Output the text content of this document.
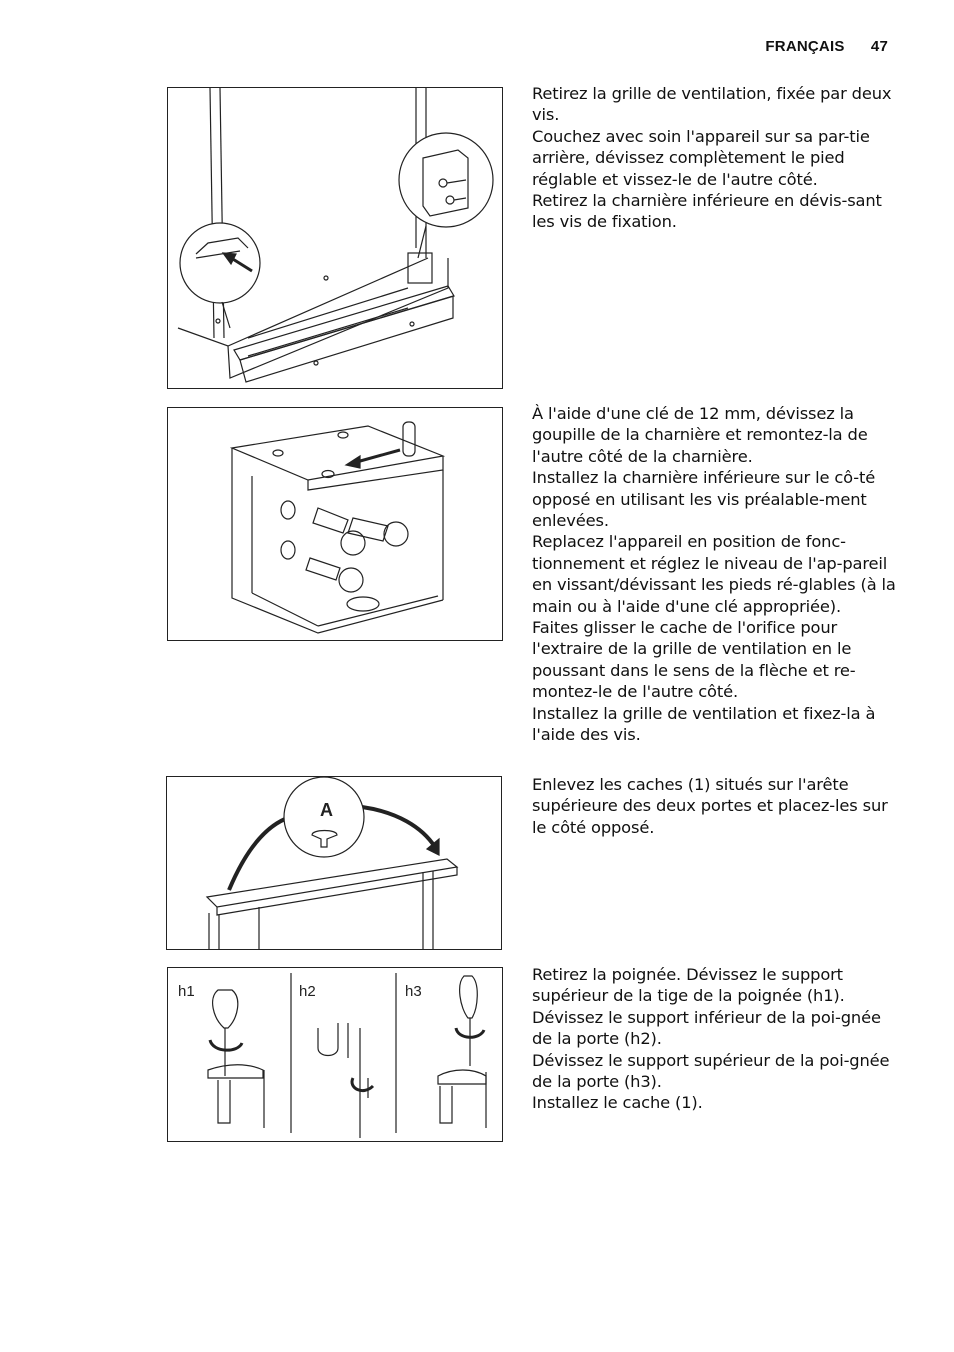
FRANÇAIS 47

Retirez la grille de ventilation, fixée par deux vis.

Couchez avec soin l'appareil sur sa par-tie arrière, dévissez complètement le pied réglable et vissez-le de l'autre côté.

Retirez la charnière inférieure en dévis-sant les vis de fixation.

À l'aide d'une clé de 12 mm, dévissez la goupille de la charnière et remontez-la de l'autre côté de la charnière.

Installez la charnière inférieure sur le cô-té opposé en utilisant les vis préalable-ment enlevées.

Replacez l'appareil en position de fonc-tionnement et réglez le niveau de l'ap-pareil en vissant/dévissant les pieds ré-glables (à la main ou à l'aide d'une clé appropriée).

Faites glisser le cache de l'orifice pour l'extraire de la grille de ventilation en le poussant dans le sens de la flèche et re-montez-le de l'autre côté.

Installez la grille de ventilation et fixez-la à l'aide des vis.

A

Enlevez les caches (1) situés sur l'arête supérieure des deux portes et placez-les sur le côté opposé.

h1	h2	h3

Retirez la poignée. Dévissez le support supérieur de la tige de la poignée (h1).

Dévissez le support inférieur de la poi-gnée de la porte (h2).

Dévissez le support supérieur de la poi-gnée de la porte (h3).

Installez le cache (1).
